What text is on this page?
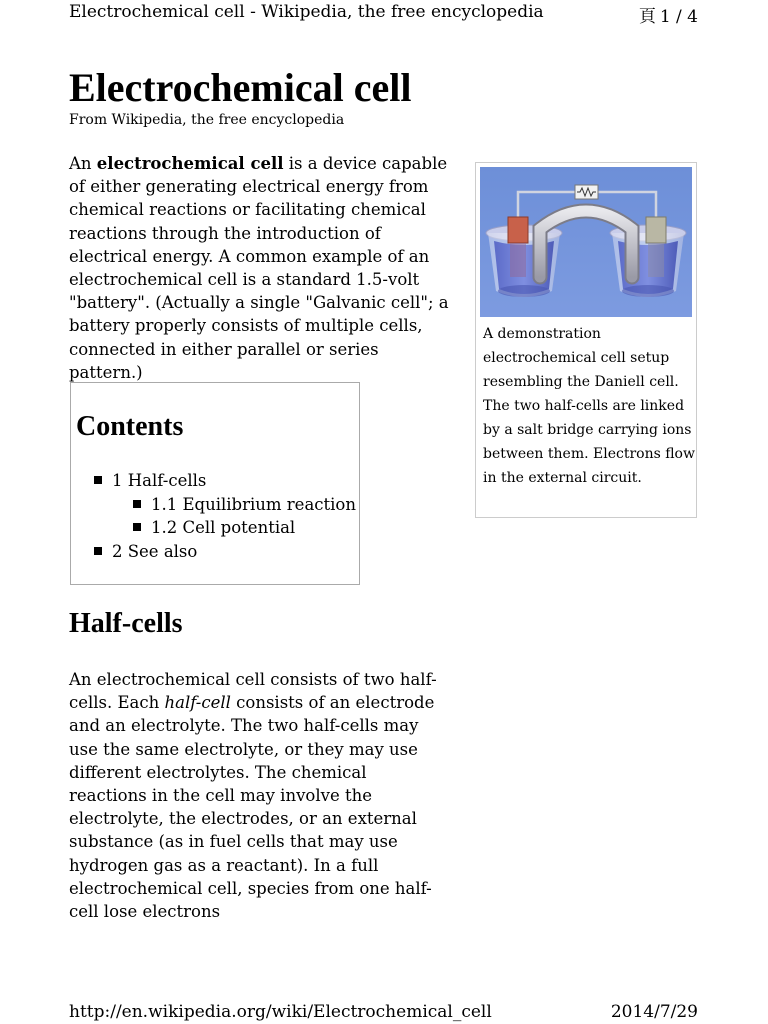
Electrochemical cell - Wikipedia, the free encyclopedia	頁 1 / 4
Electrochemical cell
From Wikipedia, the free encyclopedia

An electrochemical cell is a device capable of either generating electrical energy from chemical reactions or facilitating chemical reactions through the introduction of electrical energy. A common example of an electrochemical cell is a standard 1.5-volt "battery". (Actually a single "Galvanic cell"; a battery properly consists of multiple cells, connected in either parallel or series pattern.)

Contents
1 Half-cells
1.1 Equilibrium reaction
1.2 Cell potential
2 See also
Half-cells

An electrochemical cell consists of two half-cells. Each half-cell consists of an electrode and an electrolyte. The two half-cells may use the same electrolyte, or they may use different electrolytes. The chemical reactions in the cell may involve the electrolyte, the electrodes, or an external substance (as in fuel cells that may use hydrogen gas as a reactant). In a full electrochemical cell, species from one half-cell lose electrons

A demonstration electrochemical cell setup resembling the Daniell cell. The two half-cells are linked by a salt bridge carrying ions between them. Electrons flow in the external circuit.
http://en.wikipedia.org/wiki/Electrochemical_cell	2014/7/29
